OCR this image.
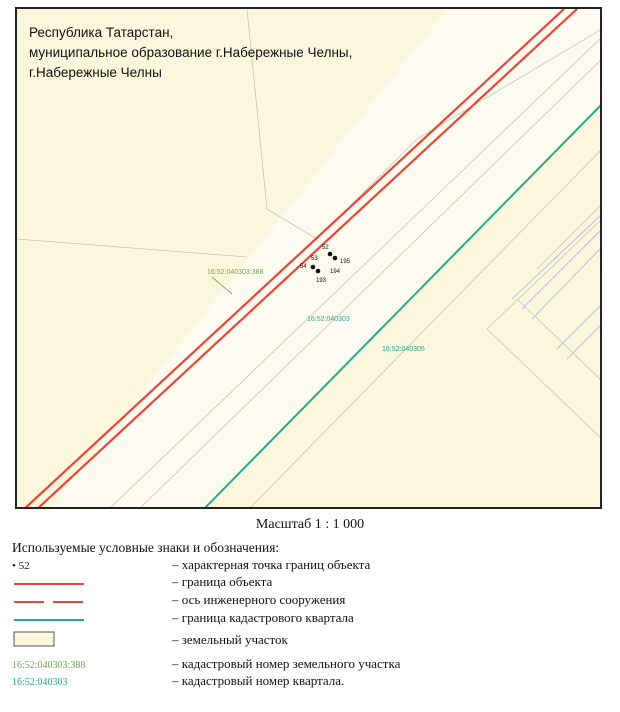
52
53
54
193
194
195
16:52:040303:388
16:52:040303
16:52:040305
Республика Татарстан,
муниципальное образование г.Набережные Челны,
г.Набережные Челны
Масштаб 1 : 1 000
Используемые условные знаки и обозначения:
• 52	– характерная точка границ объекта
– граница объекта
– ось инженерного сооружения
– граница кадастрового квартала
– земельный участок
16:52:040303:388	– кадастровый номер земельного участка
16:52:040303	– кадастровый номер квартала.
